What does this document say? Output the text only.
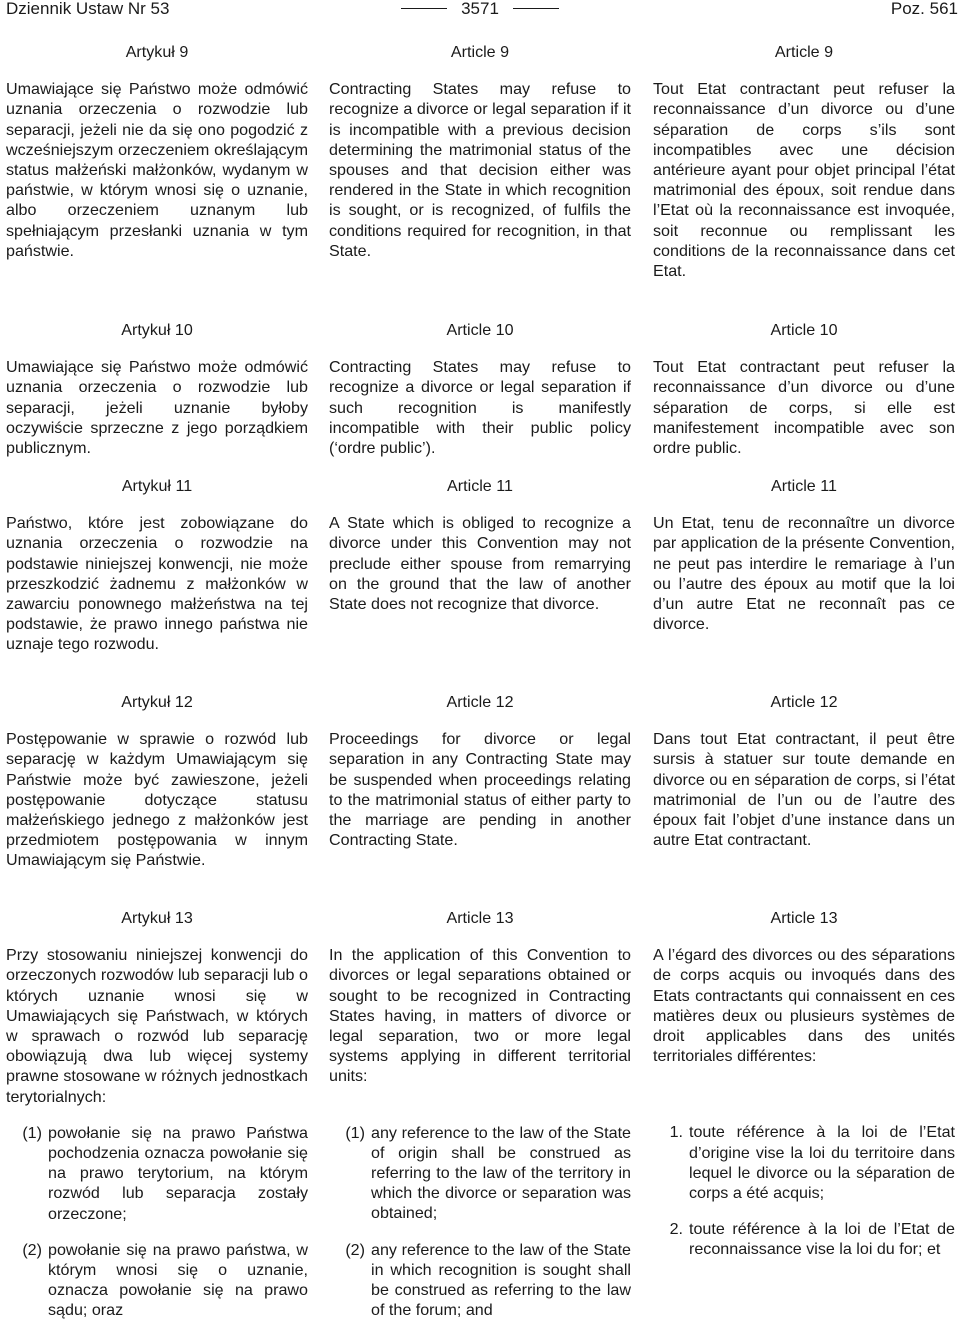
Dziennik Ustaw Nr 53	3571	Poz. 561
Artykuł 9

Umawiające się Państwo może odmówić uznania orzeczenia o rozwodzie lub separacji, jeżeli nie da się ono pogodzić z wcześniejszym orzeczeniem określającym status małżeński małżonków, wydanym w państwie, w którym wnosi się o uznanie, albo orzeczeniem uznanym lub spełniającym przesłanki uznania w tym państwie.

Artykuł 10

Umawiające się Państwo może odmówić uznania orzeczenia o rozwodzie lub separacji, jeżeli uznanie byłoby oczywiście sprzeczne z jego porządkiem publicznym.

Artykuł 11

Państwo, które jest zobowiązane do uznania orzeczenia o rozwodzie na podstawie niniejszej konwencji, nie może przeszkodzić żadnemu z małżonków w zawarciu ponownego małżeństwa na tej podstawie, że prawo innego państwa nie uznaje tego rozwodu.

Artykuł 12

Postępowanie w sprawie o rozwód lub separację w każdym Umawiającym się Państwie może być zawieszone, jeżeli postępowanie dotyczące statusu małżeńskiego jednego z małżonków jest przedmiotem postępowania w innym Umawiającym się Państwie.

Artykuł 13

Przy stosowaniu niniejszej konwencji do orzeczonych rozwodów lub separacji lub o których uznanie wnosi się w Umawiających się Państwach, w których w sprawach o rozwód lub separację obowiązują dwa lub więcej systemy prawne stosowane w różnych jednostkach terytorialnych:

(1) powołanie się na prawo Państwa pochodzenia oznacza powołanie się na prawo terytorium, na którym rozwód lub separacja zostały orzeczone;
(2) powołanie się na prawo państwa, w którym wnosi się o uznanie, oznacza powołanie się na prawo sądu; oraz
Article 9

Contracting States may refuse to recognize a divorce or legal separation if it is incompatible with a previous decision determining the matrimonial status of the spouses and that decision either was rendered in the State in which recognition is sought, or is recognized, of fulfils the conditions required for recognition, in that State.

Article 10

Contracting States may refuse to recognize a divorce or legal separation if such recognition is manifestly incompatible with their public policy (‘ordre public’).

Article 11

A State which is obliged to recognize a divorce under this Convention may not preclude either spouse from remarrying on the ground that the law of another State does not recognize that divorce.

Article 12

Proceedings for divorce or legal separation in any Contracting State may be suspended when proceedings relating to the matrimonial status of either party to the marriage are pending in another Contracting State.

Article 13

In the application of this Convention to divorces or legal separations obtained or sought to be recognized in Contracting States having, in matters of divorce or legal separation, two or more legal systems applying in different territorial units:

(1) any reference to the law of the State of origin shall be construed as referring to the law of the territory in which the divorce or separation was obtained;
(2) any reference to the law of the State in which recognition is sought shall be construed as referring to the law of the forum; and
Article 9

Tout Etat contractant peut refuser la reconnaissance d’un divorce ou d’une séparation de corps s’ils sont incompatibles avec une décision antérieure ayant pour objet principal l’état matrimonial des époux, soit rendue dans l’Etat où la reconnaissance est invoquée, soit reconnue ou remplissant les conditions de la reconnaissance dans cet Etat.

Article 10

Tout Etat contractant peut refuser la reconnaissance d’un divorce ou d’une séparation de corps, si elle est manifestement incompatible avec son ordre public.

Article 11

Un Etat, tenu de reconnaître un divorce par application de la présente Convention, ne peut pas interdire le remariage à l’un ou l’autre des époux au motif que la loi d’un autre Etat ne reconnaît pas ce divorce.

Article 12

Dans tout Etat contractant, il peut être sursis à statuer sur toute demande en divorce ou en séparation de corps, si l’état matrimonial de l’un ou de l’autre des époux fait l’objet d’une instance dans un autre Etat contractant.

Article 13

A l’égard des divorces ou des séparations de corps acquis ou invoqués dans des Etats contractants qui connaissent en ces matières deux ou plusieurs systèmes de droit applicables dans des unités territoriales différentes:

1. toute référence à la loi de l’Etat d’origine vise la loi du territoire dans lequel le divorce ou la séparation de corps a été acquis;
2. toute référence à la loi de l’Etat de reconnaissance vise la loi du for; et
